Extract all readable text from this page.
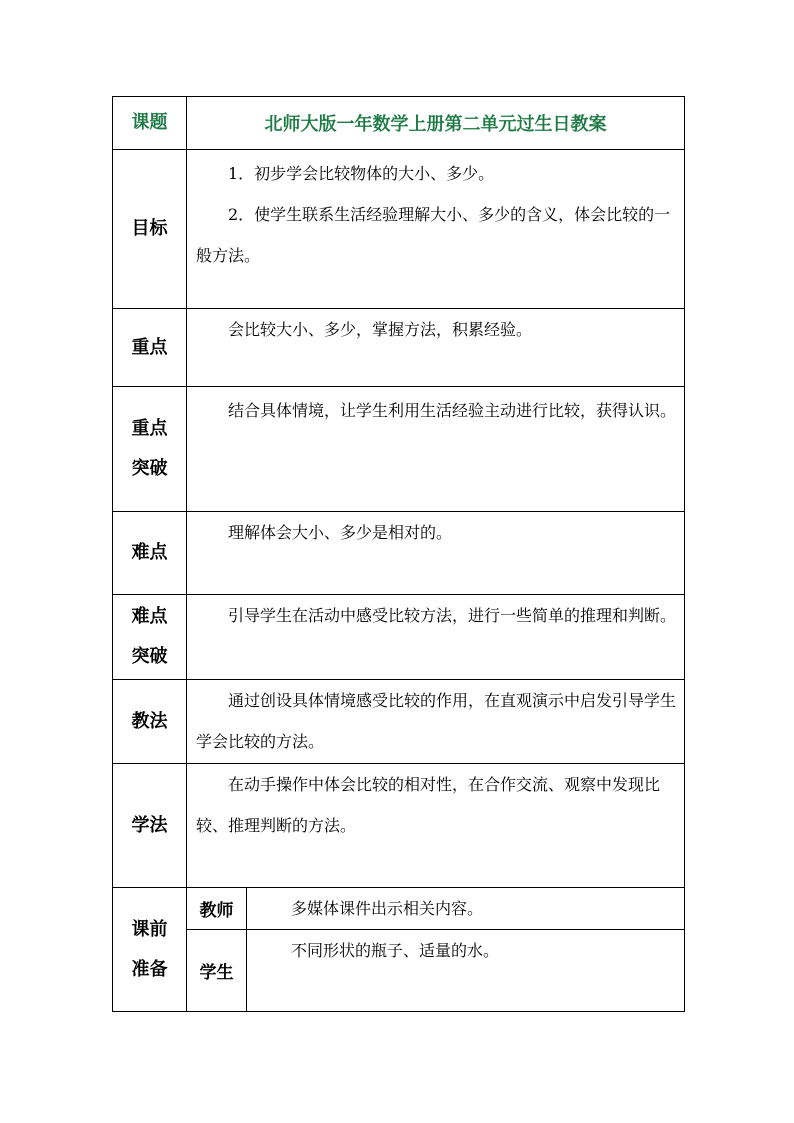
课题	北师大版一年数学上册第二单元过生日教案	

目标	1．初步学会比较物体的大小、多少。

2．使学生联系生活经验理解大小、多少的含义，体会比较的一般方法。	

重点	会比较大小、多少，掌握方法，积累经验。	

重点
突破	结合具体情境，让学生利用生活经验主动进行比较，获得认识。	

难点	理解体会大小、多少是相对的。	

难点
突破	引导学生在活动中感受比较方法，进行一些简单的推理和判断。	

教法	通过创设具体情境感受比较的作用，在直观演示中启发引导学生学会比较的方法。	

学法	在动手操作中体会比较的相对性，在合作交流、观察中发现比较、推理判断的方法。	

课前
准备	教师	多媒体课件出示相关内容。
	学生	不同形状的瓶子、适量的水。
